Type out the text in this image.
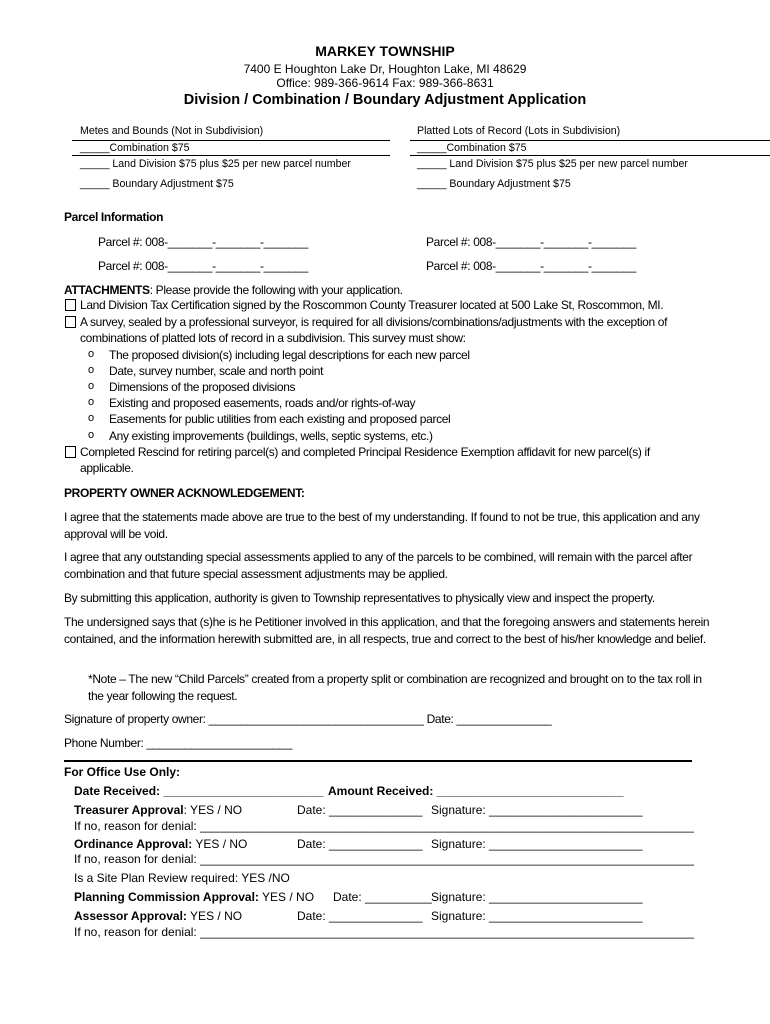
MARKEY TOWNSHIP
7400 E Houghton Lake Dr, Houghton Lake, MI 48629
Office: 989-366-9614 Fax: 989-366-8631
Division / Combination / Boundary Adjustment Application
Metes and Bounds (Not in Subdivision)
_____Combination $75
_____ Land Division $75 plus $25 per new parcel number
_____ Boundary Adjustment $75
Platted Lots of Record (Lots in Subdivision)
_____Combination $75
_____ Land Division $75 plus $25 per new parcel number
_____ Boundary Adjustment $75
Parcel Information
Parcel #: 008-_______-_______-_______	Parcel #: 008-_______-_______-_______
Parcel #: 008-_______-_______-_______	Parcel #: 008-_______-_______-_______
ATTACHMENTS: Please provide the following with your application.
Land Division Tax Certification signed by the Roscommon County Treasurer located at 500 Lake St, Roscommon, MI.
A survey, sealed by a professional surveyor, is required for all divisions/combinations/adjustments with the exception of
combinations of platted lots of record in a subdivision. This survey must show:
o The proposed division(s) including legal descriptions for each new parcel
o Date, survey number, scale and north point
o Dimensions of the proposed divisions
o Existing and proposed easements, roads and/or rights-of-way
o Easements for public utilities from each existing and proposed parcel
o Any existing improvements (buildings, wells, septic systems, etc.)
Completed Rescind for retiring parcel(s) and completed Principal Residence Exemption affidavit for new parcel(s) if
applicable.
PROPERTY OWNER ACKNOWLEDGEMENT:
I agree that the statements made above are true to the best of my understanding. If found to not be true, this application and any approval will be void.
I agree that any outstanding special assessments applied to any of the parcels to be combined, will remain with the parcel after combination and that future special assessment adjustments may be applied.
By submitting this application, authority is given to Township representatives to physically view and inspect the property.
The undersigned says that (s)he is he Petitioner involved in this application, and that the foregoing answers and statements herein contained, and the information herewith submitted are, in all respects, true and correct to the best of his/her knowledge and belief.
*Note – The new “Child Parcels” created from a property split or combination are recognized and brought on to the tax roll in the year following the request.
Signature of property owner: __________________________________ Date: _______________
Phone Number: _______________________
For Office Use Only:
Date Received: ________________________ Amount Received: ____________________________
Treasurer Approval: YES / NO	Date: ______________ Signature: _______________________
If no, reason for denial: __________________________________________________________________________
Ordinance Approval: YES / NO	Date: ______________ Signature: _______________________
If no, reason for denial: __________________________________________________________________________
Is a Site Plan Review required: YES /NO
Planning Commission Approval: YES / NO Date: __________ Signature: _______________________
Assessor Approval: YES / NO	Date: ______________ Signature: _______________________
If no, reason for denial: __________________________________________________________________________
